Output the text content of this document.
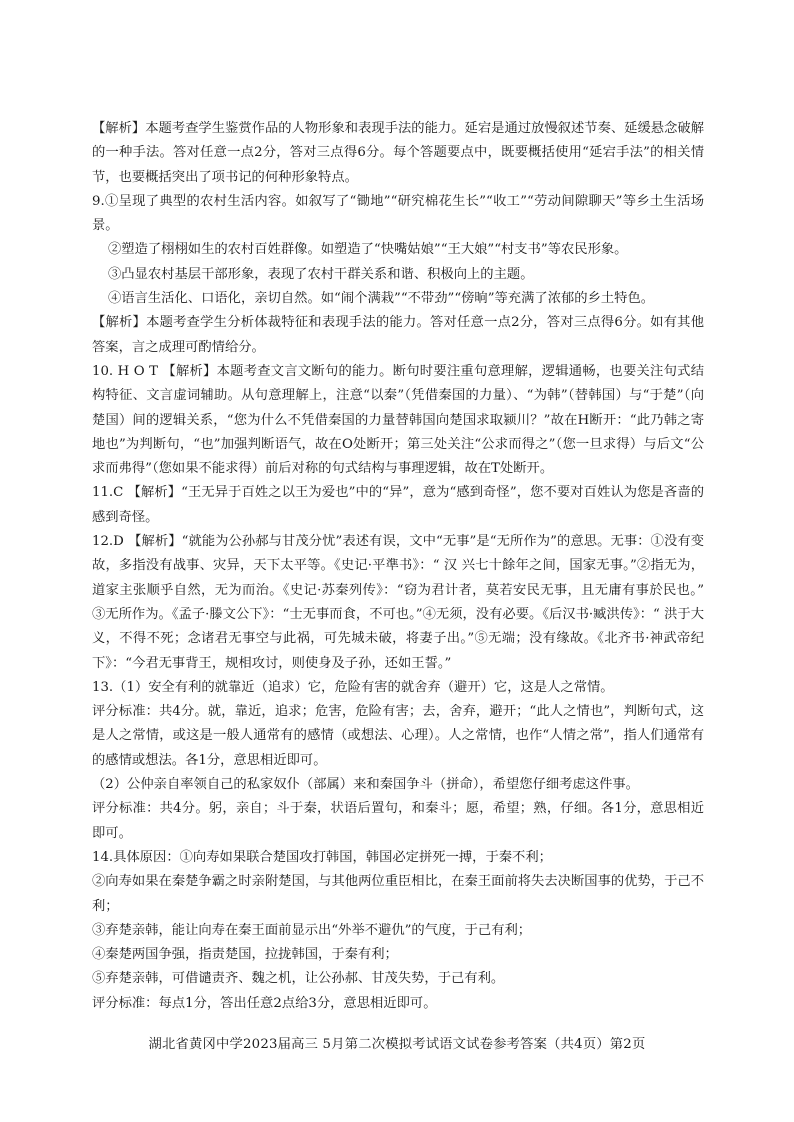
【解析】本题考查学生鉴赏作品的人物形象和表现手法的能力。延宕是通过放慢叙述节奏、延缓悬念破解的一种手法。答对任意一点2分，答对三点得6分。每个答题要点中，既要概括使用“延宕手法”的相关情节，也要概括突出了项书记的何种形象特点。

9.①呈现了典型的农村生活内容。如叙写了“锄地”“研究棉花生长”“收工”“劳动间隙聊天”等乡土生活场景。

②塑造了栩栩如生的农村百姓群像。如塑造了“快嘴姑娘”“王大娘”“村支书”等农民形象。

③凸显农村基层干部形象，表现了农村干群关系和谐、积极向上的主题。

④语言生活化、口语化，亲切自然。如“闹个满栽”“不带劲”“傍晌”等充满了浓郁的乡土特色。

【解析】本题考查学生分析体裁特征和表现手法的能力。答对任意一点2分，答对三点得6分。如有其他答案，言之成理可酌情给分。

10. H O T 【解析】本题考查文言文断句的能力。断句时要注重句意理解，逻辑通畅，也要关注句式结构特征、文言虚词辅助。从句意理解上，注意“以秦”（凭借秦国的力量）、“为韩”（替韩国）与“于楚”（向楚国）间的逻辑关系，“您为什么不凭借秦国的力量替韩国向楚国求取颍川？”故在H断开：“此乃韩之寄地也”为判断句，“也”加强判断语气，故在O处断开；第三处关注“公求而得之”（您一旦求得）与后文“公求而弗得”（您如果不能求得）前后对称的句式结构与事理逻辑，故在T处断开。

11.C 【解析】“王无异于百姓之以王为爱也”中的“异”，意为“感到奇怪”，您不要对百姓认为您是吝啬的感到奇怪。

12.D 【解析】“就能为公孙郝与甘茂分忧”表述有误，文中“无事”是“无所作为”的意思。无事：①没有变故，多指没有战事、灾异，天下太平等。《史记·平準书》：“ 汉 兴七十餘年之间，国家无事。”②指无为，道家主张顺乎自然，无为而治。《史记·苏秦列传》：“窃为君计者，莫若安民无事，且无庸有事於民也。” ③无所作为。《孟子·滕文公下》：“士无事而食，不可也。”④无须，没有必要。《后汉书·臧洪传》：“ 洪于大义，不得不死；念诸君无事空与此祸，可先城未破，将妻子出。”⑤无端；没有缘故。《北齐书·神武帝纪下》：“今君无事背王，规相攻讨，则使身及子孙，还如王誓。”

13.（1）安全有利的就靠近（追求）它，危险有害的就舍弃（避开）它，这是人之常情。

评分标准：共4分。就，靠近，追求；危害，危险有害；去，舍弃，避开；“此人之情也”，判断句式，这是人之常情，或这是一般人通常有的感情（或想法、心理）。人之常情，也作“人情之常”，指人们通常有的感情或想法。各1分，意思相近即可。

（2）公仲亲自率领自己的私家奴仆（部属）来和秦国争斗（拼命），希望您仔细考虑这件事。

评分标准：共4分。躬，亲自；斗于秦，状语后置句，和秦斗；愿，希望；熟，仔细。各1分，意思相近即可。

14.具体原因：①向寿如果联合楚国攻打韩国，韩国必定拼死一搏，于秦不利；

②向寿如果在秦楚争霸之时亲附楚国，与其他两位重臣相比，在秦王面前将失去决断国事的优势，于己不利；

③弃楚亲韩，能让向寿在秦王面前显示出“外举不避仇”的气度，于己有利；

④秦楚两国争强，指责楚国，拉拢韩国，于秦有利；

⑤弃楚亲韩，可借谴责齐、魏之机，让公孙郝、甘茂失势，于己有利。

评分标准：每点1分，答出任意2点给3分，意思相近即可。

湖北省黄冈中学2023届高三 5月第二次模拟考试语文试卷参考答案（共4页）第2页
